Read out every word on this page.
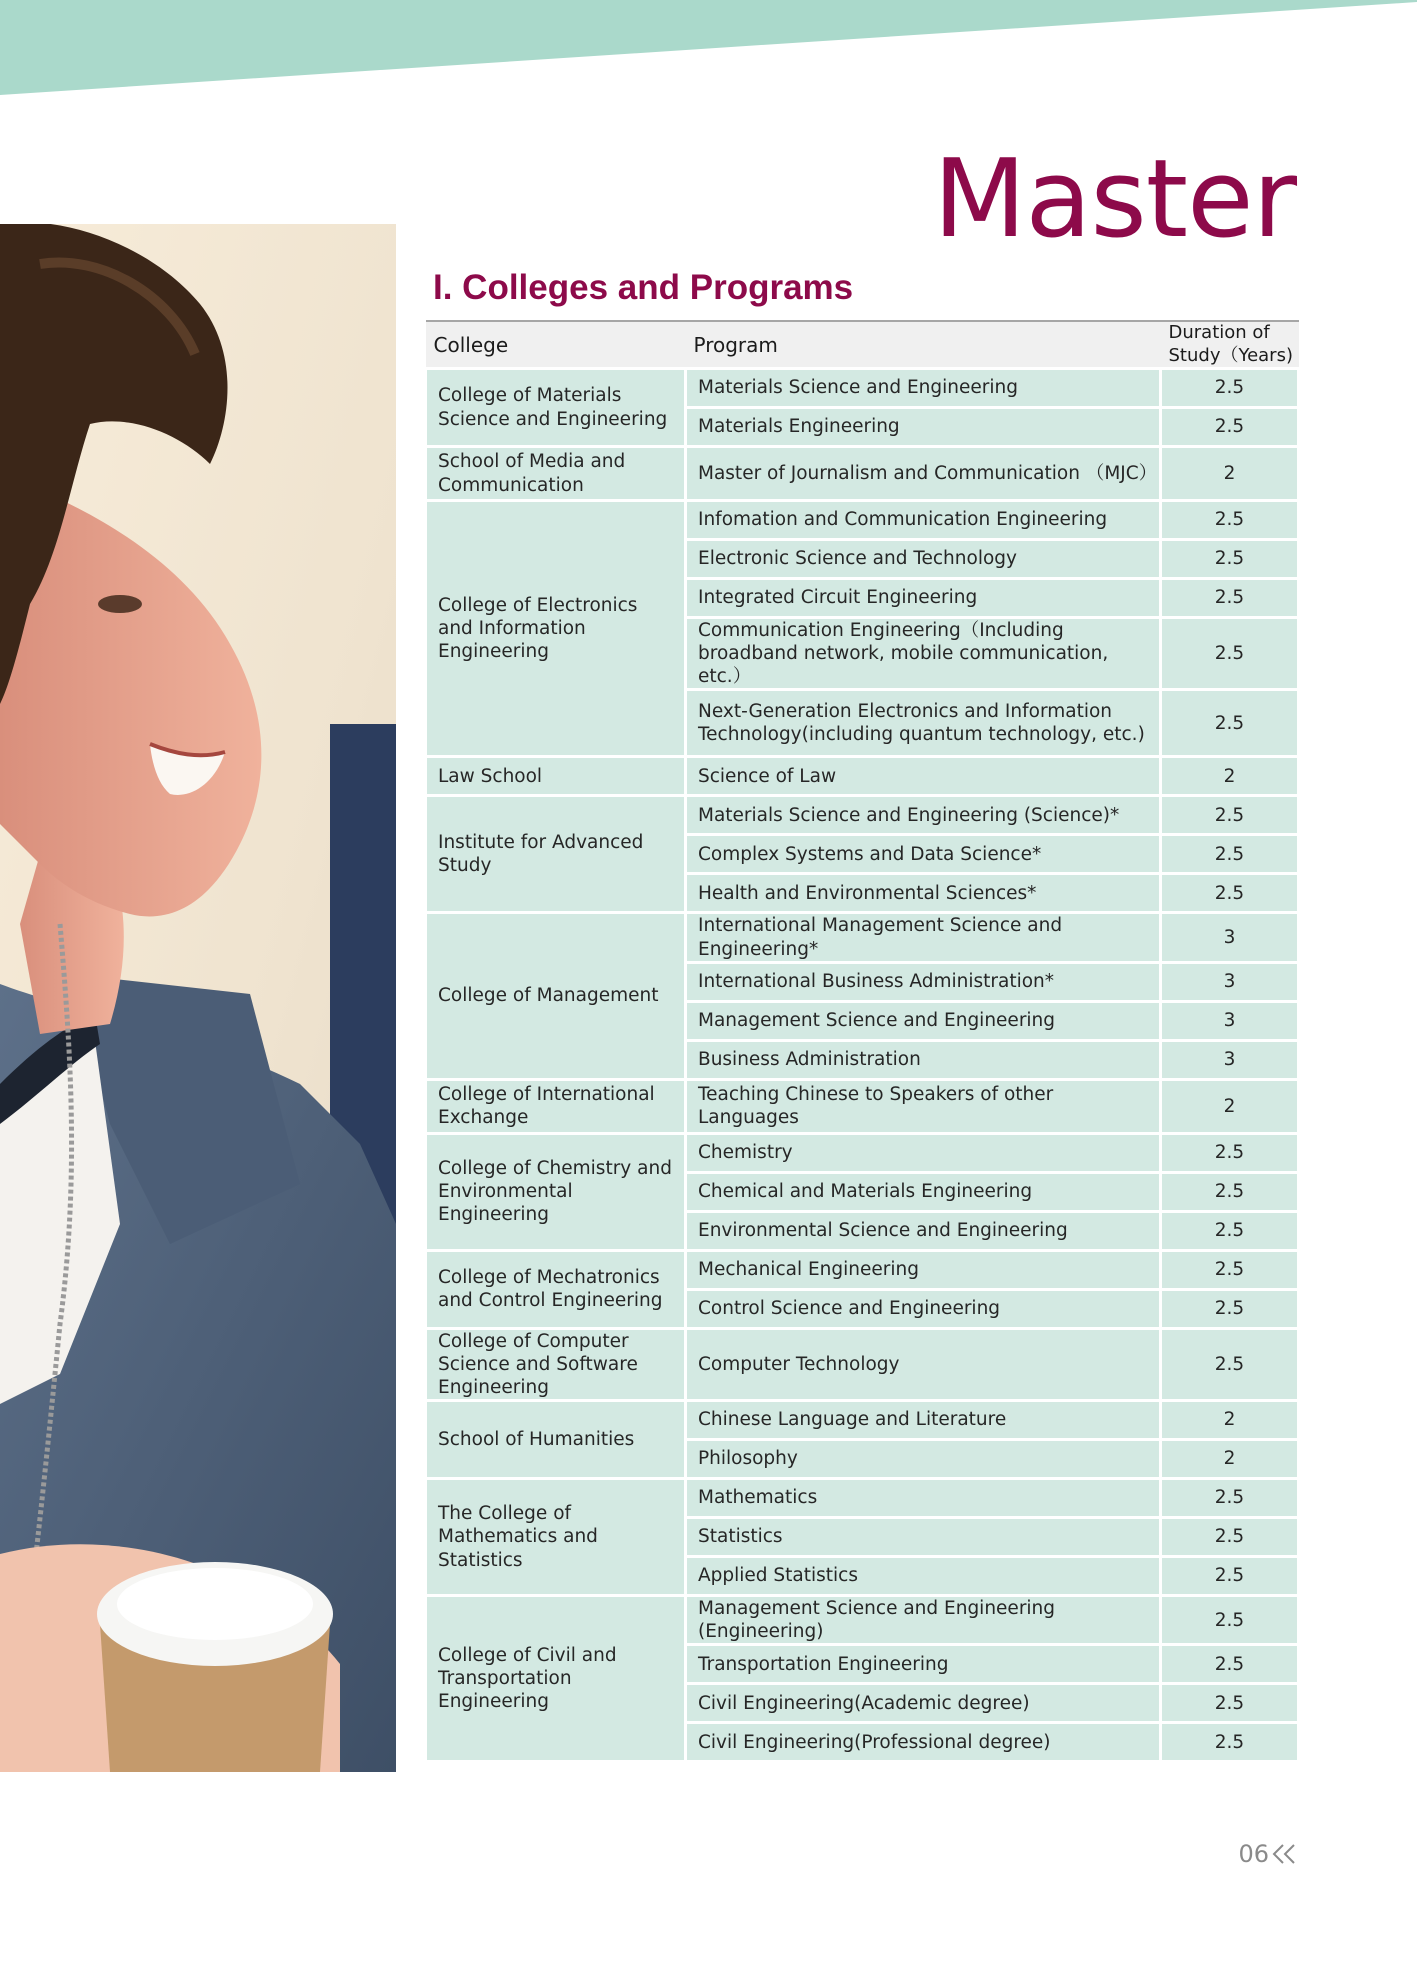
Master
I. Colleges and Programs
College	Program	Duration of
Study（Years)

College of Materials Science and Engineering	Materials Science and Engineering	2.5
	Materials Engineering	2.5
School of Media and Communication	Master of Journalism and Communication （MJC）	2
College of Electronics and Information Engineering	Infomation and Communication Engineering	2.5
	Electronic Science and Technology	2.5
	Integrated Circuit Engineering	2.5
	Communication Engineering（Including broadband network, mobile communication, etc.）	2.5
	Next-Generation Electronics and Information Technology(including quantum technology, etc.)	2.5
Law School	Science of Law	2
Institute for Advanced Study	Materials Science and Engineering (Science)*	2.5
	Complex Systems and Data Science*	2.5
	Health and Environmental Sciences*	2.5
College of Management	International Management Science and Engineering*	3
	International Business Administration*	3
	Management Science and Engineering	3
	Business Administration	3
College of International Exchange	Teaching Chinese to Speakers of other Languages	2
College of Chemistry and Environmental Engineering	Chemistry	2.5
	Chemical and Materials Engineering	2.5
	Environmental Science and Engineering	2.5
College of Mechatronics and Control Engineering	Mechanical Engineering	2.5
	Control Science and Engineering	2.5
College of Computer Science and Software Engineering	Computer Technology	2.5
School of Humanities	Chinese Language and Literature	2
	Philosophy	2
The College of Mathematics and Statistics	Mathematics	2.5
	Statistics	2.5
	Applied Statistics	2.5
College of Civil and Transportation Engineering	Management Science and Engineering (Engineering)	2.5
	Transportation Engineering	2.5
	Civil Engineering(Academic degree)	2.5
	Civil Engineering(Professional degree)	2.5
06
